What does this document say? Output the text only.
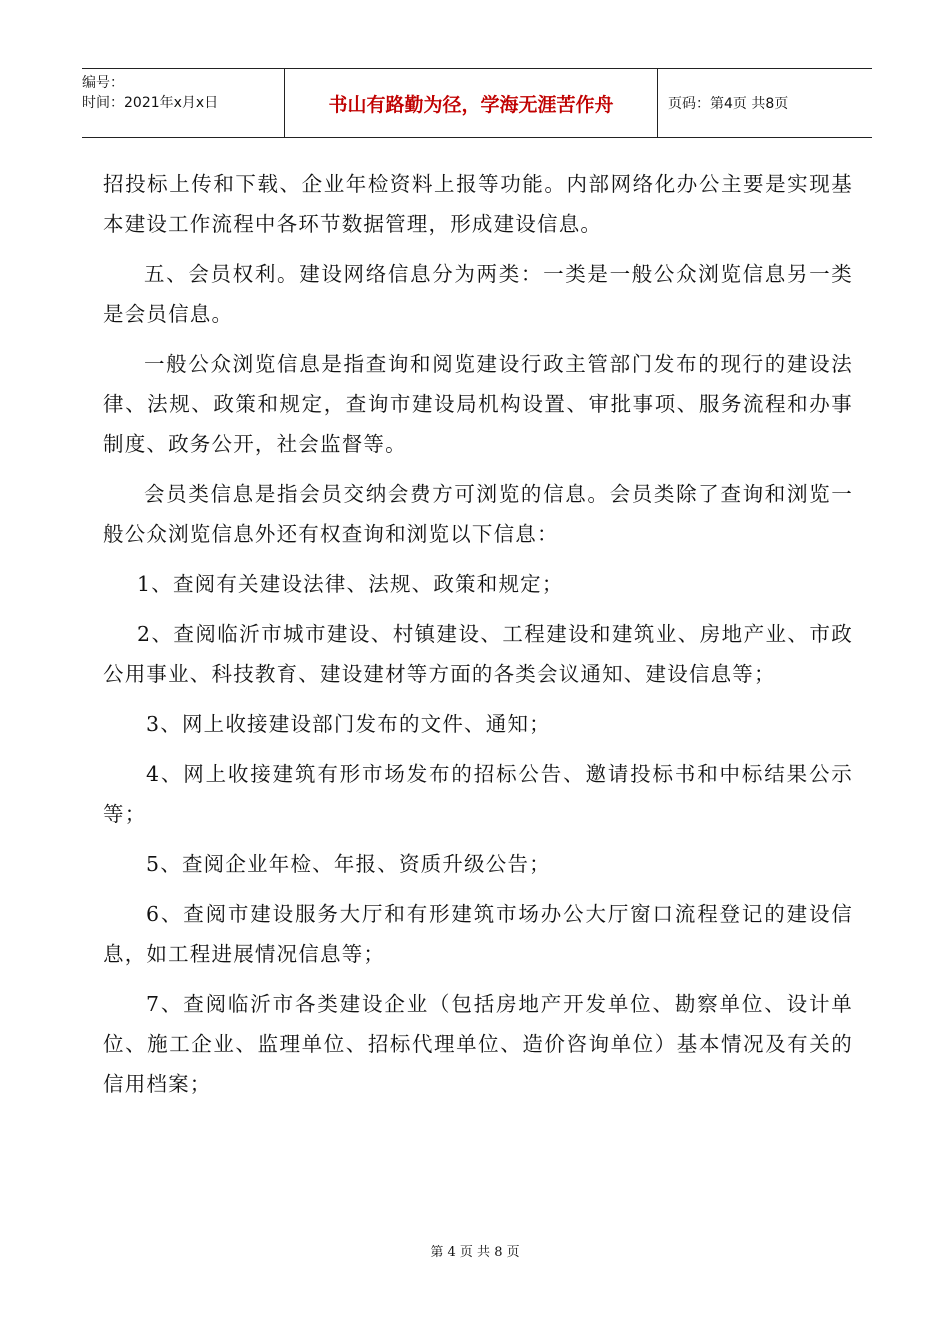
编号：
时间：2021年x月x日	书山有路勤为径，学海无涯苦作舟	页码：第4页 共8页

招投标上传和下载、企业年检资料上报等功能。内部网络化办公主要是实现基本建设工作流程中各环节数据管理，形成建设信息。

五、会员权利。建设网络信息分为两类：一类是一般公众浏览信息另一类是会员信息。

一般公众浏览信息是指查询和阅览建设行政主管部门发布的现行的建设法律、法规、政策和规定，查询市建设局机构设置、审批事项、服务流程和办事制度、政务公开，社会监督等。

会员类信息是指会员交纳会费方可浏览的信息。会员类除了查询和浏览一般公众浏览信息外还有权查询和浏览以下信息：

1、查阅有关建设法律、法规、政策和规定；

2、查阅临沂市城市建设、村镇建设、工程建设和建筑业、房地产业、市政公用事业、科技教育、建设建材等方面的各类会议通知、建设信息等；

3、网上收接建设部门发布的文件、通知；

4、网上收接建筑有形市场发布的招标公告、邀请投标书和中标结果公示等；

5、查阅企业年检、年报、资质升级公告；

6、查阅市建设服务大厅和有形建筑市场办公大厅窗口流程登记的建设信息，如工程进展情况信息等；

7、查阅临沂市各类建设企业（包括房地产开发单位、勘察单位、设计单位、施工企业、监理单位、招标代理单位、造价咨询单位）基本情况及有关的信用档案；

第 4 页 共 8 页
